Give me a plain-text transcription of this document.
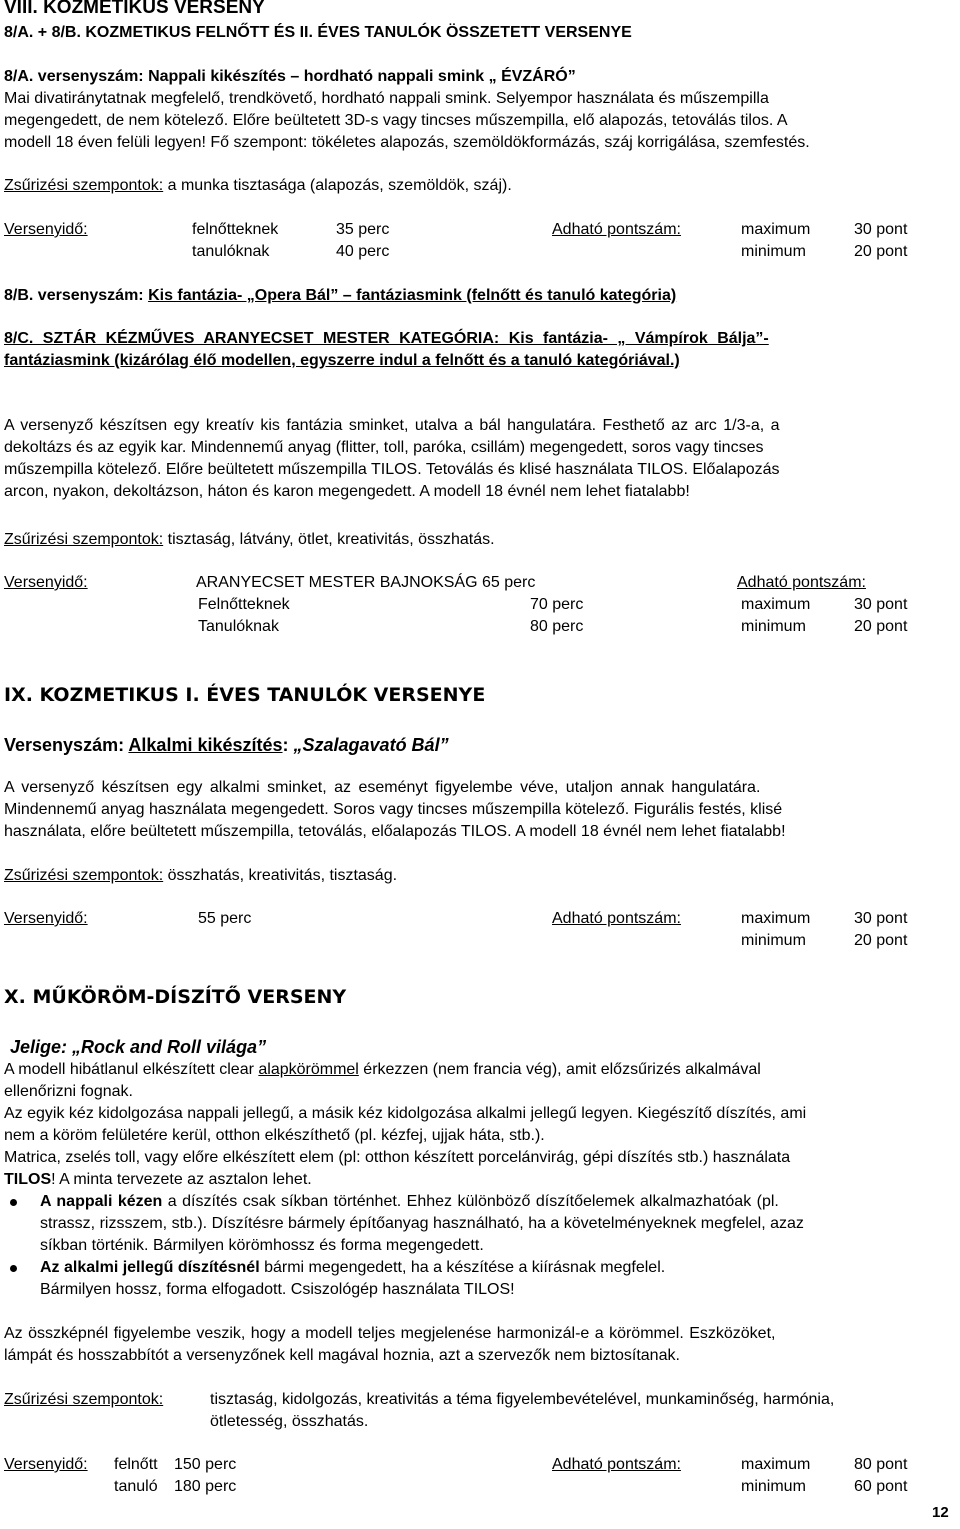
VIII. KOZMETIKUS VERSENY
8/A. + 8/B. KOZMETIKUS FELNŐTT ÉS II. ÉVES TANULÓK ÖSSZETETT VERSENYE
8/A. versenyszám: Nappali kikészítés – hordható nappali smink „ ÉVZÁRÓ”
Mai divatiránytatnak megfelelő, trendkövető, hordható nappali smink. Selyempor használata és műszempilla
megengedett, de nem kötelező. Előre beültetett 3D-s vagy tincses műszempilla, elő alapozás, tetoválás tilos. A
modell 18 éven felüli legyen! Fő szempont: tökéletes alapozás, szemöldökformázás, száj korrigálása, szemfestés.
Zsűrizési szempontok: a munka tisztasága (alapozás, szemöldök, száj).
Versenyidő:	felnőtteknek	35 perc	Adható pontszám:	maximum	30 pont
tanulóknak	40 perc	minimum	20 pont
8/B. versenyszám: Kis fantázia- „Opera Bál” – fantáziasmink (felnőtt és tanuló kategória)
8/C. SZTÁR KÉZMŰVES ARANYECSET MESTER KATEGÓRIA: Kis fantázia- „ Vámpírok Bálja”-
fantáziasmink (kizárólag élő modellen, egyszerre indul a felnőtt és a tanuló kategóriával.)
A versenyző készítsen egy kreatív kis fantázia sminket, utalva a bál hangulatára. Festhető az arc 1/3-a, a
dekoltázs és az egyik kar. Mindennemű anyag (flitter, toll, paróka, csillám) megengedett, soros vagy tincses
műszempilla kötelező. Előre beültetett műszempilla TILOS. Tetoválás és klisé használata TILOS. Előalapozás
arcon, nyakon, dekoltázson, háton és karon megengedett. A modell 18 évnél nem lehet fiatalabb!
Zsűrizési szempontok: tisztaság, látvány, ötlet, kreativitás, összhatás.
Versenyidő:	ARANYECSET MESTER BAJNOKSÁG 65 perc	Adható pontszám:
Felnőtteknek	70 perc	maximum	30 pont
Tanulóknak	80 perc	minimum	20 pont
IX. KOZMETIKUS I. ÉVES TANULÓK VERSENYE
Versenyszám: Alkalmi kikészítés: „Szalagavató Bál”
A versenyző készítsen egy alkalmi sminket, az eseményt figyelembe véve, utaljon annak hangulatára.
Mindennemű anyag használata megengedett. Soros vagy tincses műszempilla kötelező. Figurális festés, klisé
használata, előre beültetett műszempilla, tetoválás, előalapozás TILOS. A modell 18 évnél nem lehet fiatalabb!
Zsűrizési szempontok: összhatás, kreativitás, tisztaság.
Versenyidő:	55 perc	Adható pontszám:	maximum	30 pont
minimum	20 pont
X. MŰKÖRÖM-DÍSZÍTŐ VERSENY
Jelige: „Rock and Roll világa”
A modell hibátlanul elkészített clear alapkörömmel érkezzen (nem francia vég), amit előzsűrizés alkalmával
ellenőrizni fognak.
Az egyik kéz kidolgozása nappali jellegű, a másik kéz kidolgozása alkalmi jellegű legyen. Kiegészítő díszítés, ami
nem a köröm felületére kerül, otthon elkészíthető (pl. kézfej, ujjak háta, stb.).
Matrica, zselés toll, vagy előre elkészített elem (pl: otthon készített porcelánvirág, gépi díszítés stb.) használata
TILOS! A minta tervezete az asztalon lehet.
A nappali kézen a díszítés csak síkban történhet. Ehhez különböző díszítőelemek alkalmazhatóak (pl.
strassz, rizsszem, stb.). Díszítésre bármely építőanyag használható, ha a követelményeknek megfelel, azaz
síkban történik. Bármilyen körömhossz és forma megengedett.
Az alkalmi jellegű díszítésnél bármi megengedett, ha a készítése a kiírásnak megfelel.
Bármilyen hossz, forma elfogadott. Csiszológép használata TILOS!
Az összképnél figyelembe veszik, hogy a modell teljes megjelenése harmonizál-e a körömmel. Eszközöket,
lámpát és hosszabbítót a versenyzőnek kell magával hoznia, azt a szervezők nem biztosítanak.
Zsűrizési szempontok:	tisztaság, kidolgozás, kreativitás a téma figyelembevételével, munkaminőség, harmónia,
ötletesség, összhatás.
Versenyidő: felnőtt 150 perc	Adható pontszám:	maximum	80 pont
tanuló 180 perc	minimum	60 pont
12
